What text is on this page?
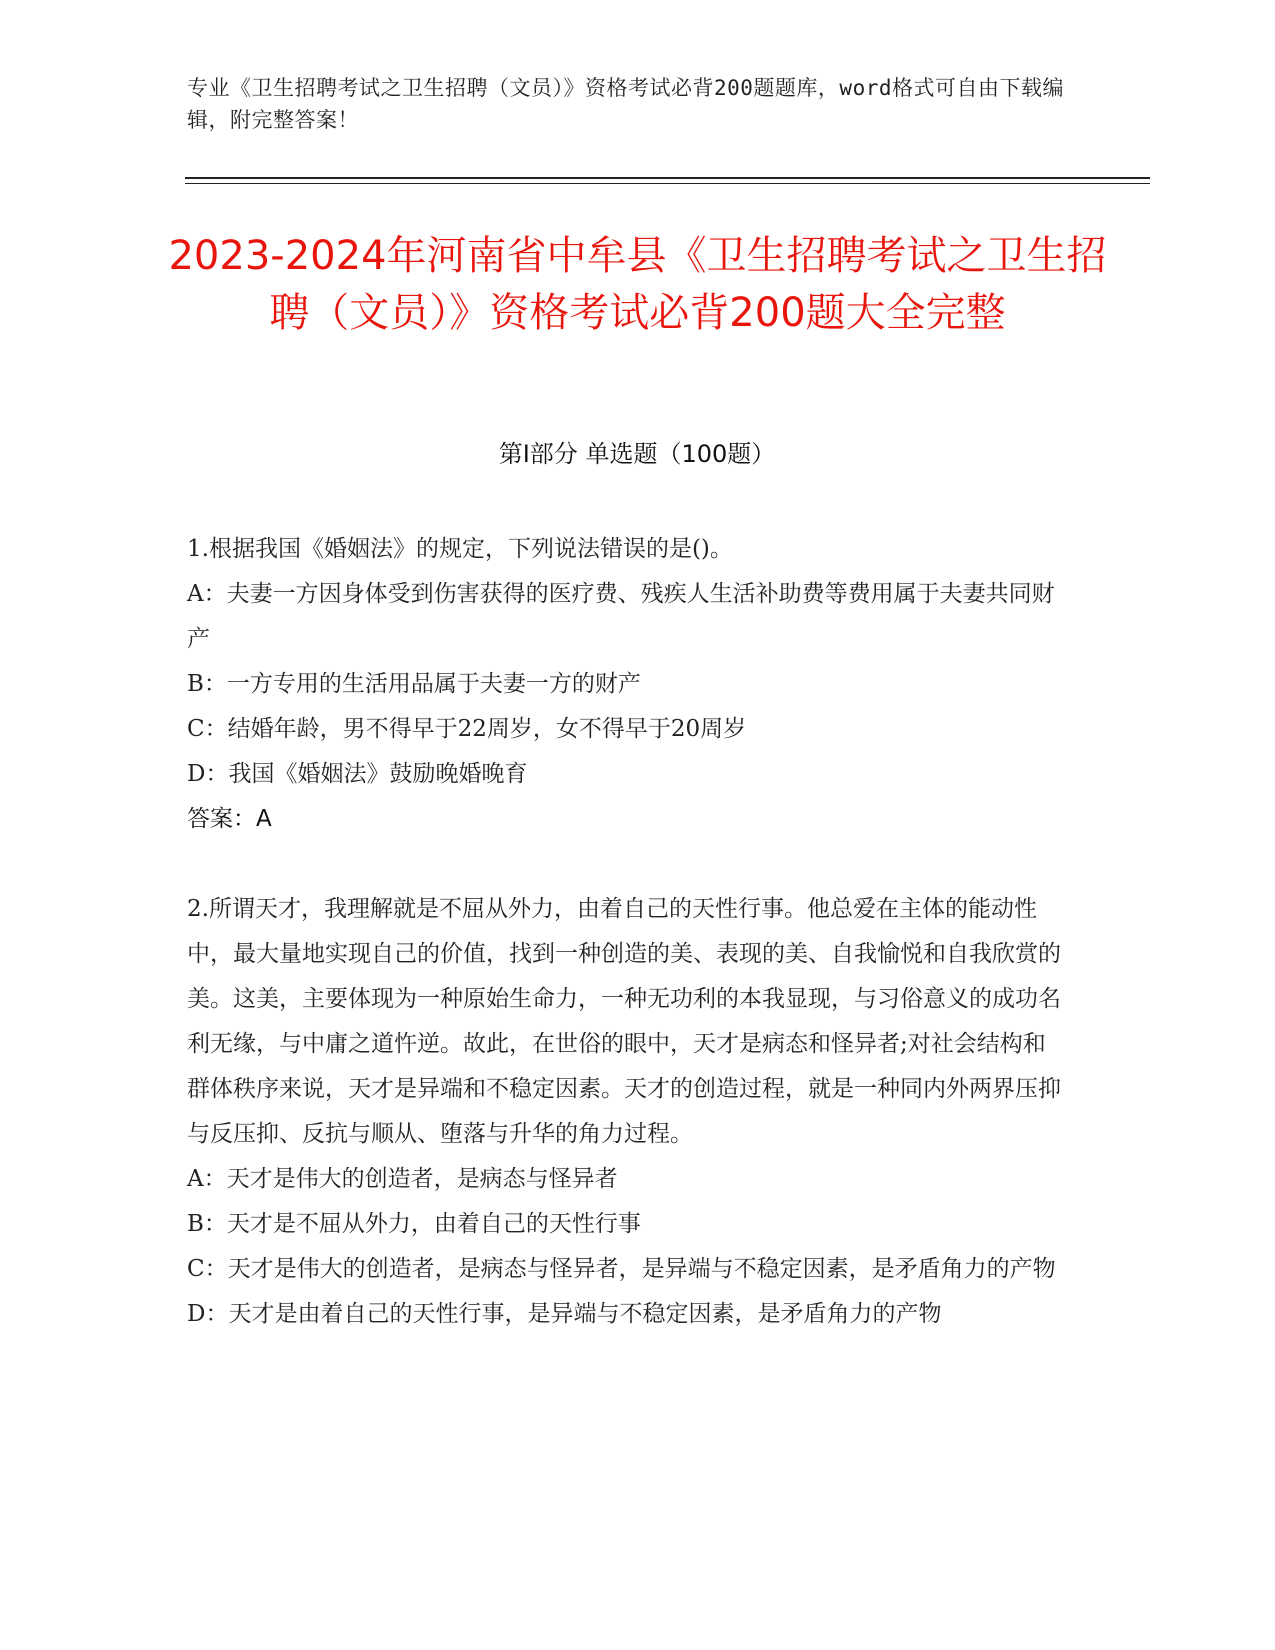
专业《卫生招聘考试之卫生招聘（文员）》资格考试必背200题题库，word格式可自由下载编辑，附完整答案！
2023-2024年河南省中牟县《卫生招聘考试之卫生招聘（文员）》资格考试必背200题大全完整
第Ⅰ部分 单选题（100题）

1.根据我国《婚姻法》的规定，下列说法错误的是()。

A：夫妻一方因身体受到伤害获得的医疗费、残疾人生活补助费等费用属于夫妻共同财产

B：一方专用的生活用品属于夫妻一方的财产

C：结婚年龄，男不得早于22周岁，女不得早于20周岁

D：我国《婚姻法》鼓励晚婚晚育

答案：A

2.所谓天才，我理解就是不屈从外力，由着自己的天性行事。他总爱在主体的能动性中，最大量地实现自己的价值，找到一种创造的美、表现的美、自我愉悦和自我欣赏的美。这美，主要体现为一种原始生命力，一种无功利的本我显现，与习俗意义的成功名利无缘，与中庸之道忤逆。故此，在世俗的眼中，天才是病态和怪异者;对社会结构和群体秩序来说，天才是异端和不稳定因素。天才的创造过程，就是一种同内外两界压抑与反压抑、反抗与顺从、堕落与升华的角力过程。

A：天才是伟大的创造者，是病态与怪异者

B：天才是不屈从外力，由着自己的天性行事

C：天才是伟大的创造者，是病态与怪异者，是异端与不稳定因素，是矛盾角力的产物

D：天才是由着自己的天性行事，是异端与不稳定因素，是矛盾角力的产物
